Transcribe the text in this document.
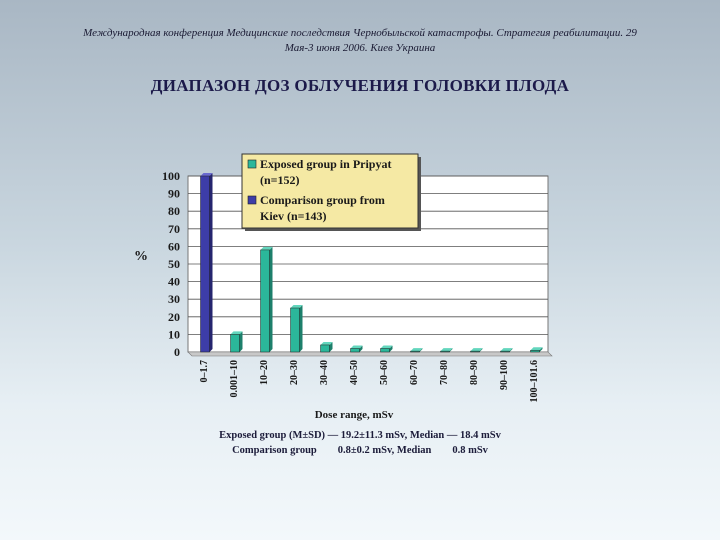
Международная конференция Медицинские последствия Чернобыльской катастрофы. Стратегия реабилитации. 29
Мая-3 июня 2006. Киев Украина
ДИАПАЗОН ДОЗ ОБЛУЧЕНИЯ ГОЛОВКИ ПЛОДА
0
10
20
30
40
50
60
70
80
90
100
%
0–1.7 0.001–10 10–20 20–30 30–40 40–50 50–60 60–70 70–80 80–90 90–100 100–101.6
Dose range, mSv
Exposed group in Pripyat
(n=152)
Comparison group from
Kiev (n=143)
Exposed group (M±SD) — 19.2±11.3 mSv, Median — 18.4 mSv
Comparison group        0.8±0.2 mSv, Median        0.8 mSv
